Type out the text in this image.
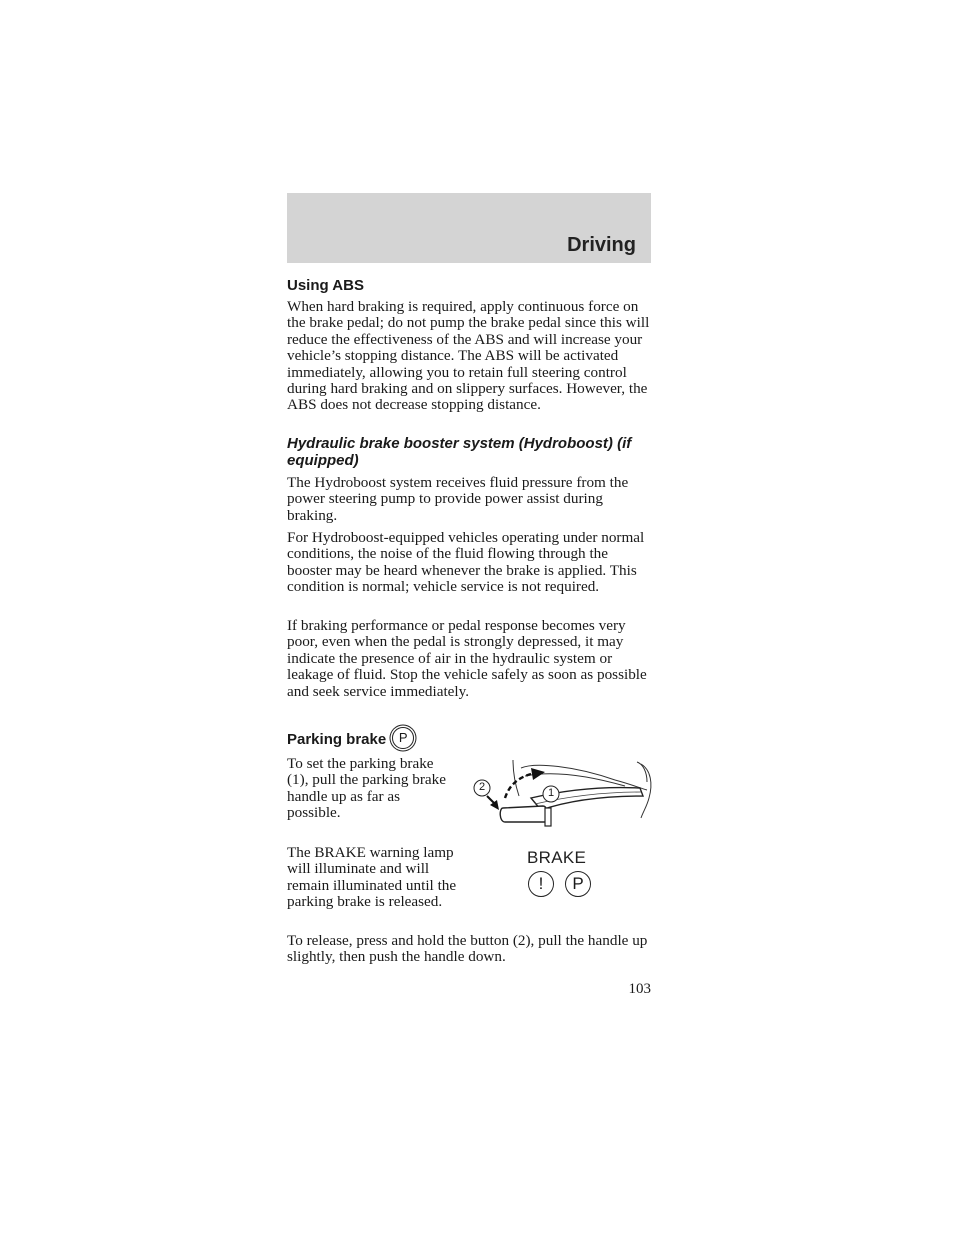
Driving
Using ABS

When hard braking is required, apply continuous force on the brake pedal; do not pump the brake pedal since this will reduce the effectiveness of the ABS and will increase your vehicle’s stopping distance. The ABS will be activated immediately, allowing you to retain full steering control during hard braking and on slippery surfaces. However, the ABS does not decrease stopping distance.

Hydraulic brake booster system (Hydroboost) (if equipped)

The Hydroboost system receives fluid pressure from the power steering pump to provide power assist during braking.

For Hydroboost-equipped vehicles operating under normal conditions, the noise of the fluid flowing through the booster may be heard whenever the brake is applied. This condition is normal; vehicle service is not required.

If braking performance or pedal response becomes very poor, even when the pedal is strongly depressed, it may indicate the presence of air in the hydraulic system or leakage of fluid. Stop the vehicle safely as soon as possible and seek service immediately.

Parking brake P

To set the parking brake (1), pull the parking brake handle up as far as possible.

2	1

The BRAKE warning lamp will illuminate and will remain illuminated until the parking brake is released.

BRAKE
!	P

To release, press and hold the button (2), pull the handle up slightly, then push the handle down.

103
